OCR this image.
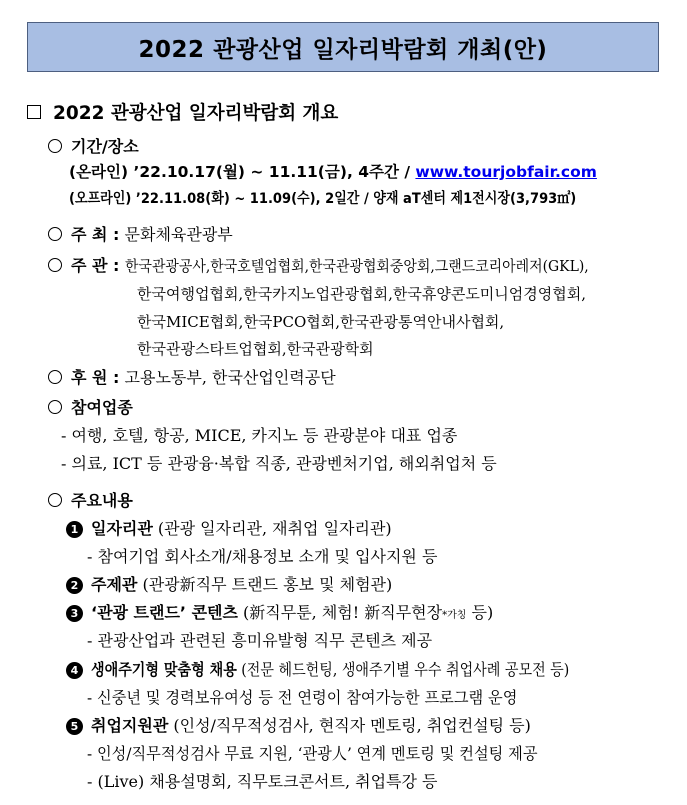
2022 관광산업 일자리박람회 개최(안)
2022 관광산업 일자리박람회 개요
기간/장소
(온라인) ’22.10.17(월) ~ 11.11(금), 4주간 / www.tourjobfair.com
(오프라인) ’22.11.08(화) ~ 11.09(수), 2일간 / 양재 aT센터 제1전시장(3,793㎡)
주 최 : 문화체육관광부
주 관 : 한국관광공사,한국호텔업협회,한국관광협회중앙회,그랜드코리아레저(GKL),
한국여행업협회,한국카지노업관광협회,한국휴양콘도미니엄경영협회,
한국MICE협회,한국PCO협회,한국관광통역안내사협회,
한국관광스타트업협회,한국관광학회
후 원 : 고용노동부, 한국산업인력공단
참여업종
- 여행, 호텔, 항공, MICE, 카지노 등 관광분야 대표 업종
- 의료, ICT 등 관광융·복합 직종, 관광벤처기업, 해외취업처 등
주요내용
1 일자리관 (관광 일자리관, 재취업 일자리관)
- 참여기업 회사소개/채용정보 소개 및 입사지원 등
2 주제관 (관광新직무 트랜드 홍보 및 체험관)
3 ‘관광 트랜드’ 콘텐츠 (新직무툰, 체험! 新직무현장*가칭 등)
- 관광산업과 관련된 흥미유발형 직무 콘텐츠 제공
4 생애주기형 맞춤형 채용 (전문 헤드헌팅, 생애주기별 우수 취업사례 공모전 등)
- 신중년 및 경력보유여성 등 전 연령이 참여가능한 프로그램 운영
5 취업지원관 (인성/직무적성검사, 현직자 멘토링, 취업컨설팅 등)
- 인성/직무적성검사 무료 지원, ‘관광人’ 연계 멘토링 및 컨설팅 제공
- (Live) 채용설명회, 직무토크콘서트, 취업특강 등
